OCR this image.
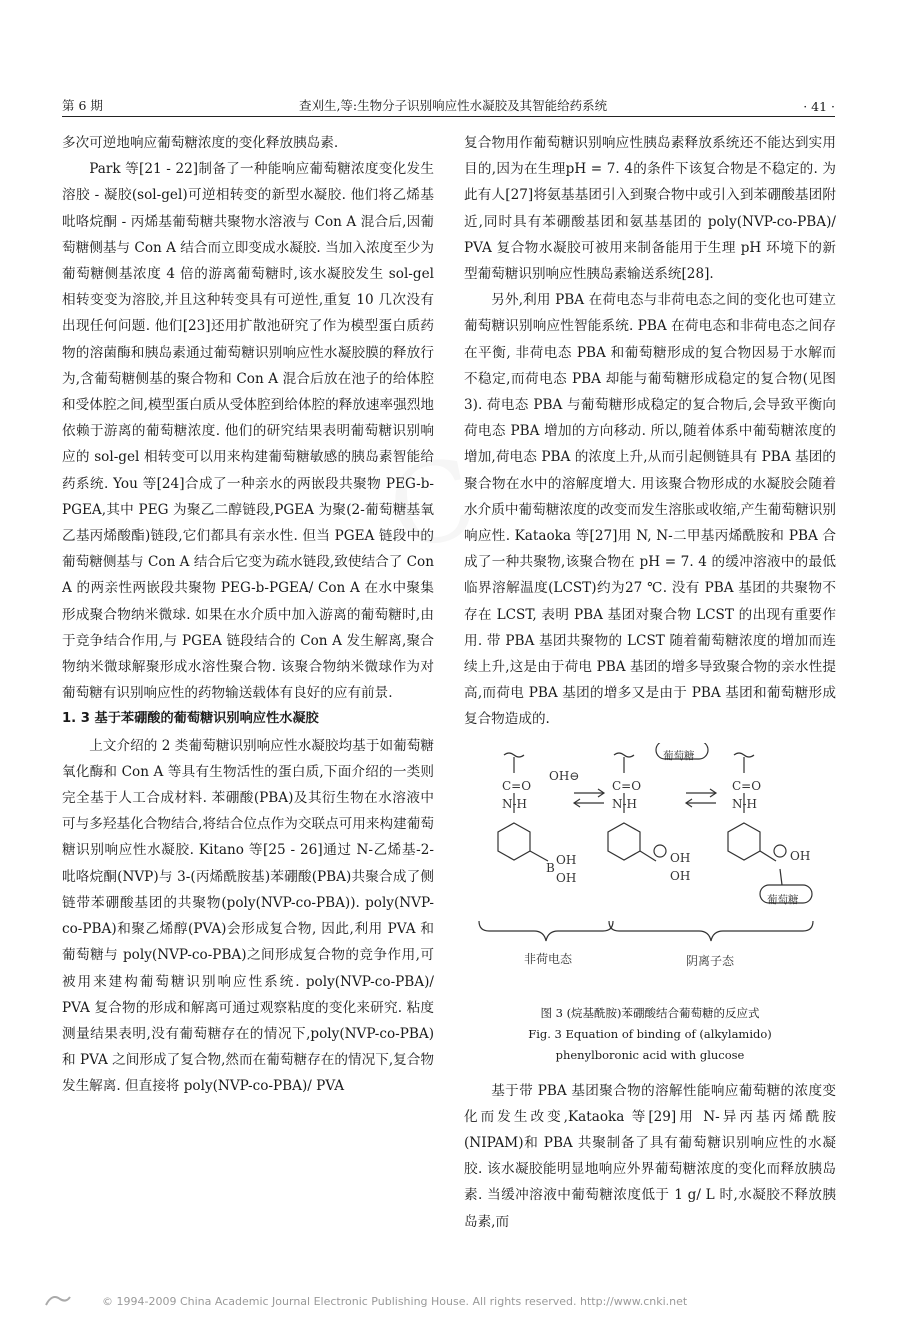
第 6 期	查刈生,等:生物分子识别响应性水凝胶及其智能给药系统	· 41 ·

多次可逆地响应葡萄糖浓度的变化释放胰岛素.

Park 等[21 - 22]制备了一种能响应葡萄糖浓度变化发生溶胶 - 凝胶(sol-gel)可逆相转变的新型水凝胶. 他们将乙烯基吡咯烷酮 - 丙烯基葡萄糖共聚物水溶液与 Con A 混合后,因葡萄糖侧基与 Con A 结合而立即变成水凝胶. 当加入浓度至少为葡萄糖侧基浓度 4 倍的游离葡萄糖时,该水凝胶发生 sol-gel 相转变变为溶胶,并且这种转变具有可逆性,重复 10 几次没有出现任何问题. 他们[23]还用扩散池研究了作为模型蛋白质药物的溶菌酶和胰岛素通过葡萄糖识别响应性水凝胶膜的释放行为,含葡萄糖侧基的聚合物和 Con A 混合后放在池子的给体腔和受体腔之间,模型蛋白质从受体腔到给体腔的释放速率强烈地依赖于游离的葡萄糖浓度. 他们的研究结果表明葡萄糖识别响应的 sol-gel 相转变可以用来构建葡萄糖敏感的胰岛素智能给药系统. You 等[24]合成了一种亲水的两嵌段共聚物 PEG-b-PGEA,其中 PEG 为聚乙二醇链段,PGEA 为聚(2-葡萄糖基氧乙基丙烯酸酯)链段,它们都具有亲水性. 但当 PGEA 链段中的葡萄糖侧基与 Con A 结合后它变为疏水链段,致使结合了 Con A 的两亲性两嵌段共聚物 PEG-b-PGEA/ Con A 在水中聚集形成聚合物纳米微球. 如果在水介质中加入游离的葡萄糖时,由于竞争结合作用,与 PGEA 链段结合的 Con A 发生解离,聚合物纳米微球解聚形成水溶性聚合物. 该聚合物纳米微球作为对葡萄糖有识别响应性的药物输送载体有良好的应有前景.

1. 3 基于苯硼酸的葡萄糖识别响应性水凝胶

上文介绍的 2 类葡萄糖识别响应性水凝胶均基于如葡萄糖氧化酶和 Con A 等具有生物活性的蛋白质,下面介绍的一类则完全基于人工合成材料. 苯硼酸(PBA)及其衍生物在水溶液中可与多羟基化合物结合,将结合位点作为交联点可用来构建葡萄糖识别响应性水凝胶. Kitano 等[25 - 26]通过 N-乙烯基-2-吡咯烷酮(NVP)与 3-(丙烯酰胺基)苯硼酸(PBA)共聚合成了侧链带苯硼酸基团的共聚物(poly(NVP-co-PBA)). poly(NVP-co-PBA)和聚乙烯醇(PVA)会形成复合物, 因此,利用 PVA 和葡萄糖与 poly(NVP-co-PBA)之间形成复合物的竞争作用,可被用来建构葡萄糖识别响应性系统. poly(NVP-co-PBA)/ PVA 复合物的形成和解离可通过观察粘度的变化来研究. 粘度测量结果表明,没有葡萄糖存在的情况下,poly(NVP-co-PBA)和 PVA 之间形成了复合物,然而在葡萄糖存在的情况下,复合物发生解离. 但直接将 poly(NVP-co-PBA)/ PVA

复合物用作葡萄糖识别响应性胰岛素释放系统还不能达到实用目的,因为在生理pH = 7. 4的条件下该复合物是不稳定的. 为此有人[27]将氨基基团引入到聚合物中或引入到苯硼酸基团附近,同时具有苯硼酸基团和氨基基团的 poly(NVP-co-PBA)/ PVA 复合物水凝胶可被用来制备能用于生理 pH 环境下的新型葡萄糖识别响应性胰岛素输送系统[28].

另外,利用 PBA 在荷电态与非荷电态之间的变化也可建立葡萄糖识别响应性智能系统. PBA 在荷电态和非荷电态之间存在平衡, 非荷电态 PBA 和葡萄糖形成的复合物因易于水解而不稳定,而荷电态 PBA 却能与葡萄糖形成稳定的复合物(见图 3). 荷电态 PBA 与葡萄糖形成稳定的复合物后,会导致平衡向荷电态 PBA 增加的方向移动. 所以,随着体系中葡萄糖浓度的增加,荷电态 PBA 的浓度上升,从而引起侧链具有 PBA 基团的聚合物在水中的溶解度增大. 用该聚合物形成的水凝胶会随着水介质中葡萄糖浓度的改变而发生溶胀或收缩,产生葡萄糖识别响应性. Kataoka 等[27]用 N, N-二甲基丙烯酰胺和 PBA 合成了一种共聚物,该聚合物在 pH = 7. 4 的缓冲溶液中的最低临界溶解温度(LCST)约为27 ℃. 没有 PBA 基团的共聚物不存在 LCST, 表明 PBA 基团对聚合物 LCST 的出现有重要作用. 带 PBA 基团共聚物的 LCST 随着葡萄糖浓度的增加而连续上升,这是由于荷电 PBA 基团的增多导致聚合物的亲水性提高,而荷电 PBA 基团的增多又是由于 PBA 基团和葡萄糖形成复合物造成的.

C=O
N-H
OH⊖
C=O
N-H
C=O
N-H
B
OH
OH
OH
OH
OH
葡萄糖
葡萄糖
非荷电态	阴离子态
图 3 (烷基酰胺)苯硼酸结合葡萄糖的反应式
Fig. 3 Equation of binding of (alkylamido)
phenylboronic acid with glucose

基于带 PBA 基团聚合物的溶解性能响应葡萄糖的浓度变化而发生改变,Kataoka 等[29]用 N-异丙基丙烯酰胺(NIPAM)和 PBA 共聚制备了具有葡萄糖识别响应性的水凝胶. 该水凝胶能明显地响应外界葡萄糖浓度的变化而释放胰岛素. 当缓冲溶液中葡萄糖浓度低于 1 g/ L 时,水凝胶不释放胰岛素,而

© 1994-2009 China Academic Journal Electronic Publishing House. All rights reserved. http://www.cnki.net
